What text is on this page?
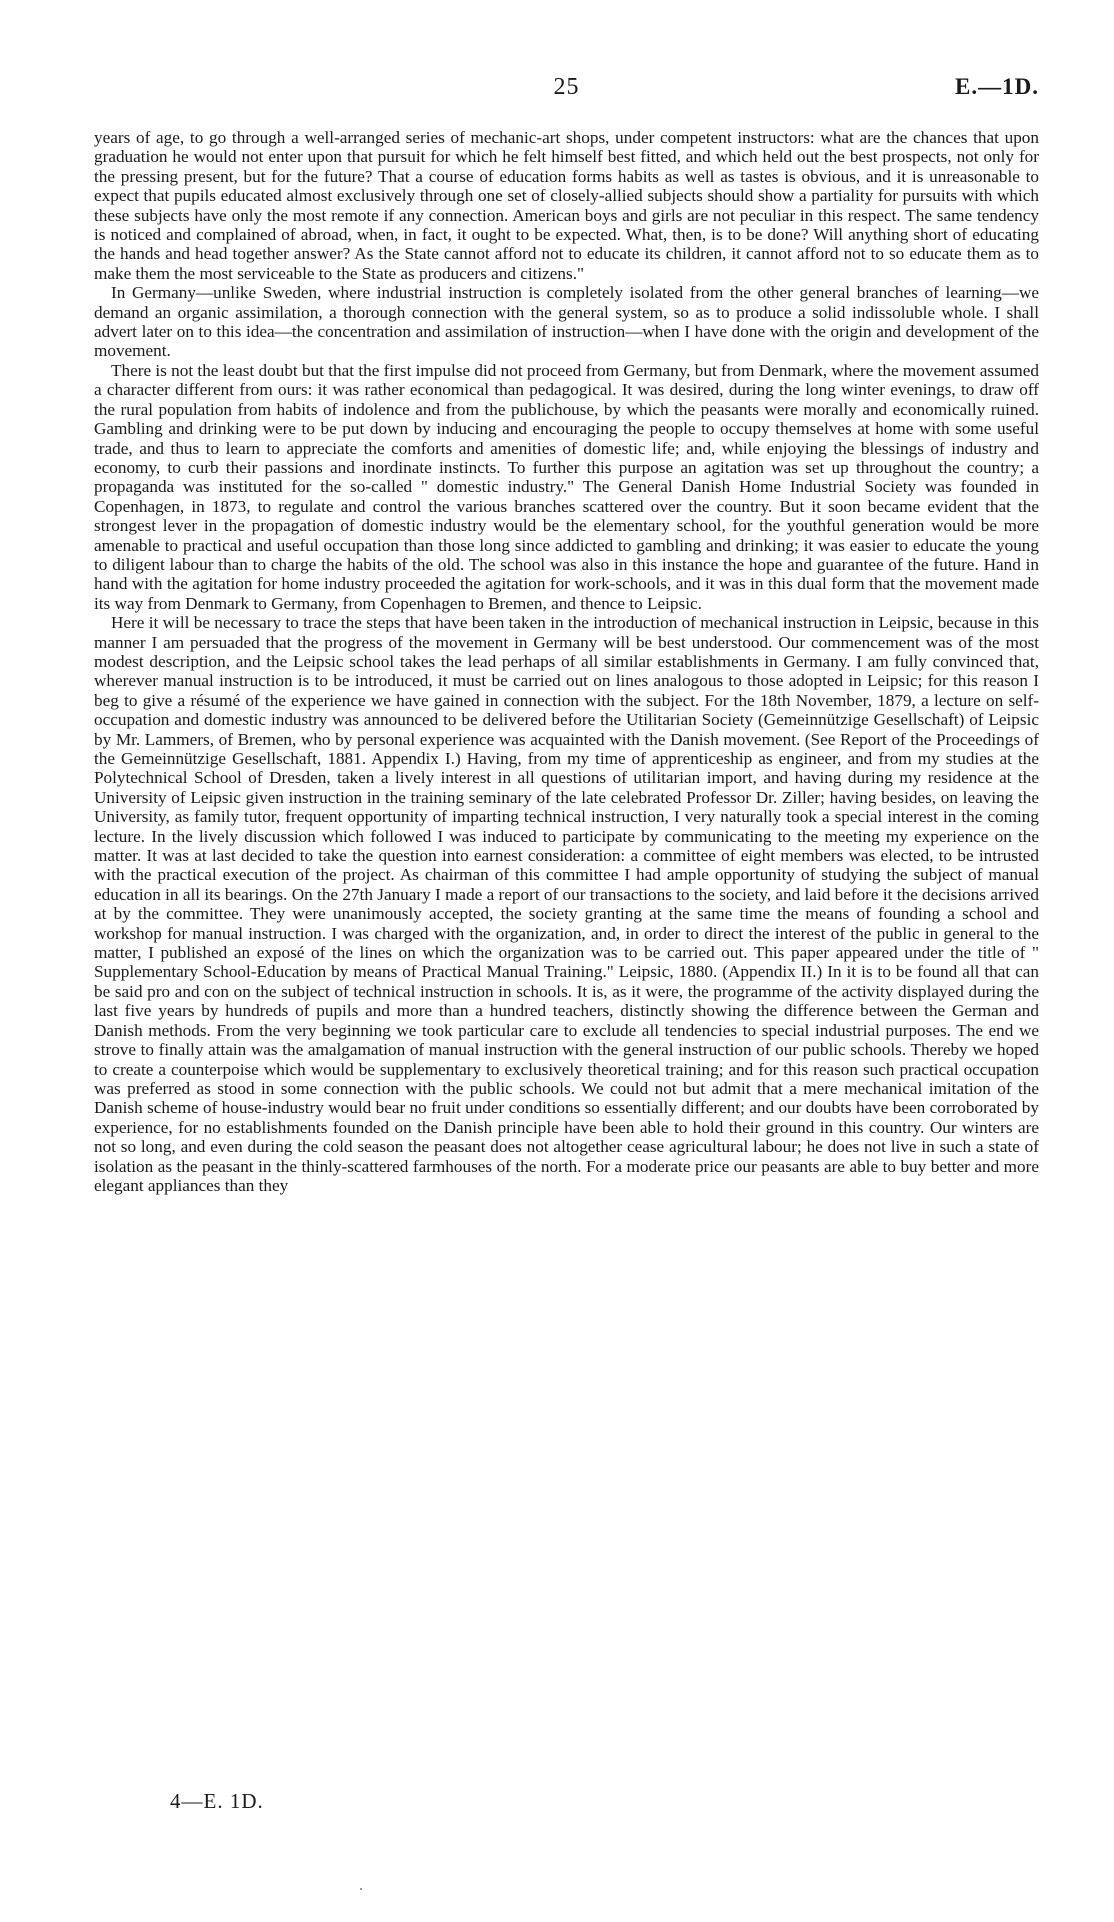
25	E.—1D.

years of age, to go through a well-arranged series of mechanic-art shops, under competent instructors: what are the chances that upon graduation he would not enter upon that pursuit for which he felt himself best fitted, and which held out the best prospects, not only for the pressing present, but for the future? That a course of education forms habits as well as tastes is obvious, and it is unreasonable to expect that pupils educated almost exclusively through one set of closely-allied subjects should show a partiality for pursuits with which these subjects have only the most remote if any connection. American boys and girls are not peculiar in this respect. The same tendency is noticed and complained of abroad, when, in fact, it ought to be expected. What, then, is to be done? Will anything short of educating the hands and head together answer? As the State cannot afford not to educate its children, it cannot afford not to so educate them as to make them the most serviceable to the State as producers and citizens."

In Germany—unlike Sweden, where industrial instruction is completely isolated from the other general branches of learning—we demand an organic assimilation, a thorough connection with the general system, so as to produce a solid indissoluble whole. I shall advert later on to this idea—the concentration and assimilation of instruction—when I have done with the origin and development of the movement.

There is not the least doubt but that the first impulse did not proceed from Germany, but from Denmark, where the movement assumed a character different from ours: it was rather economical than pedagogical. It was desired, during the long winter evenings, to draw off the rural population from habits of indolence and from the publichouse, by which the peasants were morally and economically ruined. Gambling and drinking were to be put down by inducing and encouraging the people to occupy themselves at home with some useful trade, and thus to learn to appreciate the comforts and amenities of domestic life; and, while enjoying the blessings of industry and economy, to curb their passions and inordinate instincts. To further this purpose an agitation was set up throughout the country; a propaganda was instituted for the so-called " domestic industry." The General Danish Home Industrial Society was founded in Copenhagen, in 1873, to regulate and control the various branches scattered over the country. But it soon became evident that the strongest lever in the propagation of domestic industry would be the elementary school, for the youthful generation would be more amenable to practical and useful occupation than those long since addicted to gambling and drinking; it was easier to educate the young to diligent labour than to charge the habits of the old. The school was also in this instance the hope and guarantee of the future. Hand in hand with the agitation for home industry proceeded the agitation for work-schools, and it was in this dual form that the movement made its way from Denmark to Germany, from Copenhagen to Bremen, and thence to Leipsic.

Here it will be necessary to trace the steps that have been taken in the introduction of mechanical instruction in Leipsic, because in this manner I am persuaded that the progress of the movement in Germany will be best understood. Our commencement was of the most modest description, and the Leipsic school takes the lead perhaps of all similar establishments in Germany. I am fully convinced that, wherever manual instruction is to be introduced, it must be carried out on lines analogous to those adopted in Leipsic; for this reason I beg to give a résumé of the experience we have gained in connection with the subject. For the 18th November, 1879, a lecture on self-occupation and domestic industry was announced to be delivered before the Utilitarian Society (Gemeinnützige Gesellschaft) of Leipsic by Mr. Lammers, of Bremen, who by personal experience was acquainted with the Danish movement. (See Report of the Proceedings of the Gemeinnützige Gesellschaft, 1881. Appendix I.) Having, from my time of apprenticeship as engineer, and from my studies at the Polytechnical School of Dresden, taken a lively interest in all questions of utilitarian import, and having during my residence at the University of Leipsic given instruction in the training seminary of the late celebrated Professor Dr. Ziller; having besides, on leaving the University, as family tutor, frequent opportunity of imparting technical instruction, I very naturally took a special interest in the coming lecture. In the lively discussion which followed I was induced to participate by communicating to the meeting my experience on the matter. It was at last decided to take the question into earnest consideration: a committee of eight members was elected, to be intrusted with the practical execution of the project. As chairman of this committee I had ample opportunity of studying the subject of manual education in all its bearings. On the 27th January I made a report of our transactions to the society, and laid before it the decisions arrived at by the committee. They were unanimously accepted, the society granting at the same time the means of founding a school and workshop for manual instruction. I was charged with the organization, and, in order to direct the interest of the public in general to the matter, I published an exposé of the lines on which the organization was to be carried out. This paper appeared under the title of " Supplementary School-Education by means of Practical Manual Training." Leipsic, 1880. (Appendix II.) In it is to be found all that can be said pro and con on the subject of technical instruction in schools. It is, as it were, the programme of the activity displayed during the last five years by hundreds of pupils and more than a hundred teachers, distinctly showing the difference between the German and Danish methods. From the very beginning we took particular care to exclude all tendencies to special industrial purposes. The end we strove to finally attain was the amalgamation of manual instruction with the general instruction of our public schools. Thereby we hoped to create a counterpoise which would be supplementary to exclusively theoretical training; and for this reason such practical occupation was preferred as stood in some connection with the public schools. We could not but admit that a mere mechanical imitation of the Danish scheme of house-industry would bear no fruit under conditions so essentially different; and our doubts have been corroborated by experience, for no establishments founded on the Danish principle have been able to hold their ground in this country. Our winters are not so long, and even during the cold season the peasant does not altogether cease agricultural labour; he does not live in such a state of isolation as the peasant in the thinly-scattered farmhouses of the north. For a moderate price our peasants are able to buy better and more elegant appliances than they

4—E. 1D.
